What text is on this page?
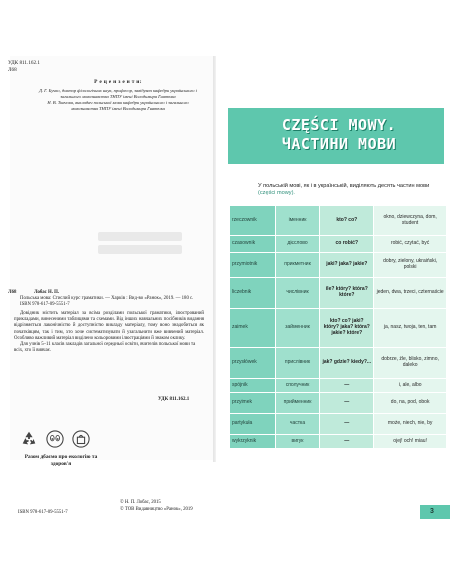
УДК 811.162.1
Л68
Р е ц е н з е н т и:
Д. Г. Бучко, доктор філологічних наук, професор, завідувач кафедри українського і загального мовознавства ТНПУ імені Володимира Гнатюка
Н. В. Ткачова, викладач польської мови кафедри українського і загального мовознавства ТНПУ імені Володимира Гнатюка
Л68	Лобас Н. П.

Польська мова: Стислий курс граматики. — Харків : Вид-во «Ранок», 2019. — 180 с.

ISBN 978-617-09-5551-7

Довідник містить матеріал за всіма розділами польської граматики, ілюстрований прикладами, винесеними таблицями та схемами. Від інших навчальних посібників видання відрізняється лаконічністю й доступністю викладу матеріалу, тому воно знадобиться як початківцям, так і тим, хто хоче систематизувати й узагальнити вже вивчений матеріал. Особливо важливий матеріал виділено кольоровими ілюстраціями й знаком оклику.

Для учнів 5–11 класів закладів загальної середньої освіти, вчителів польської мови та всіх, хто її вивчає.

УДК 811.162.1
Разом дбаємо про екологію та здоров'я
© Н. П. Лобас, 2015
© ТОВ Видавництво «Ранок», 2019
ISBN 978-617-09-5551-7
CZĘŚCI MOWY.
ЧАСТИНИ МОВИ
У польській мові, як і в українській, виділяють десять частин мови (części mowy).
rzeczownik	іменник	kto? co?	okno, dziewczyna, dom, student
czasownik	дієслово	co robić?	robić, czytać, być
przymiotnik	прикметник	jaki? jaka? jakie?	dobry, zielony, ukraiński, polski
liczebnik	числівник	ile? który? która? które?	jeden, dwa, trzeci, czternaście
zaimek	займенник	kto? co? jaki? który? jaka? która? jakie? które?	ja, nasz, twoja, ten, tam
przysłówek	прислівник	jak? gdzie? kiedy?...	dobrze, źle, blisko, zimno, daleko
spójnik	сполучник	—	i, ale, albo
przyimek	прийменник	—	do, na, pod, obok
partykuła	частка	—	może, niech, nie, by
wykrzyknik	вигук	—	ojej! och! miau!
3
